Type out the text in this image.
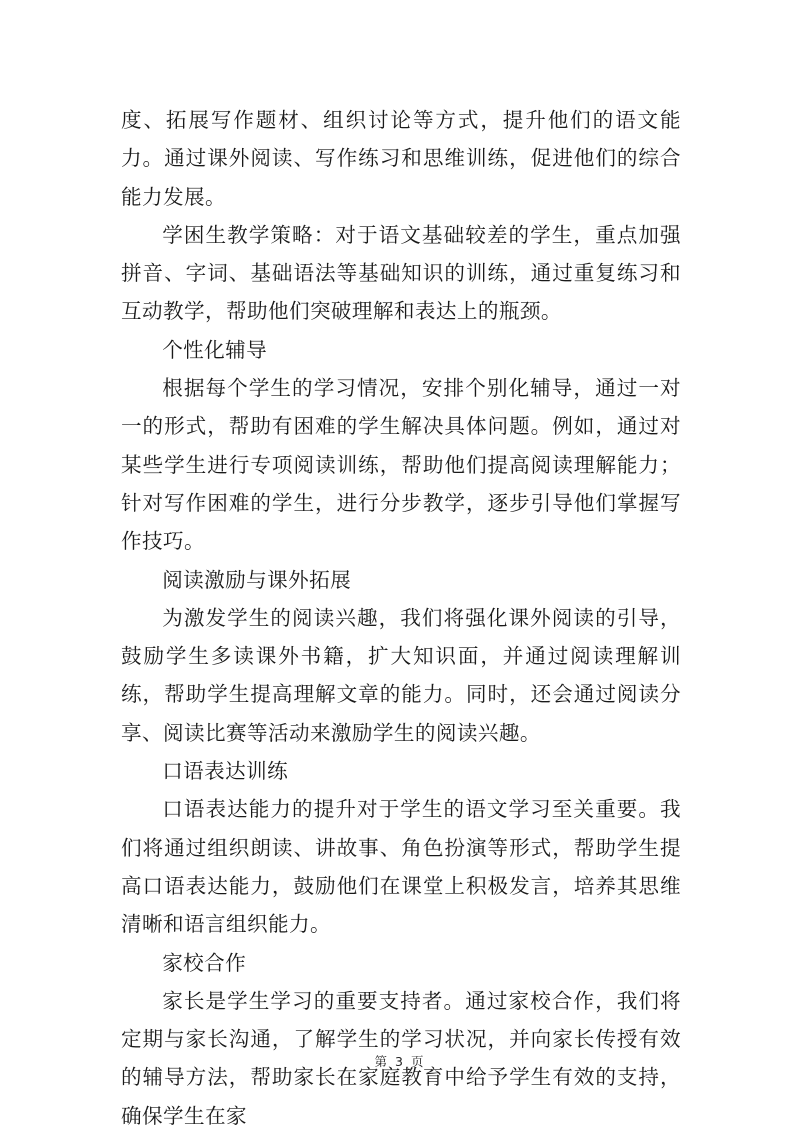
度、拓展写作题材、组织讨论等方式，提升他们的语文能力。通过课外阅读、写作练习和思维训练，促进他们的综合能力发展。

学困生教学策略：对于语文基础较差的学生，重点加强拼音、字词、基础语法等基础知识的训练，通过重复练习和互动教学，帮助他们突破理解和表达上的瓶颈。

个性化辅导

根据每个学生的学习情况，安排个别化辅导，通过一对一的形式，帮助有困难的学生解决具体问题。例如，通过对某些学生进行专项阅读训练，帮助他们提高阅读理解能力；针对写作困难的学生，进行分步教学，逐步引导他们掌握写作技巧。

阅读激励与课外拓展

为激发学生的阅读兴趣，我们将强化课外阅读的引导，鼓励学生多读课外书籍，扩大知识面，并通过阅读理解训练，帮助学生提高理解文章的能力。同时，还会通过阅读分享、阅读比赛等活动来激励学生的阅读兴趣。

口语表达训练

口语表达能力的提升对于学生的语文学习至关重要。我们将通过组织朗读、讲故事、角色扮演等形式，帮助学生提高口语表达能力，鼓励他们在课堂上积极发言，培养其思维清晰和语言组织能力。

家校合作

家长是学生学习的重要支持者。通过家校合作，我们将定期与家长沟通，了解学生的学习状况，并向家长传授有效的辅导方法，帮助家长在家庭教育中给予学生有效的支持，确保学生在家

第 3 页
